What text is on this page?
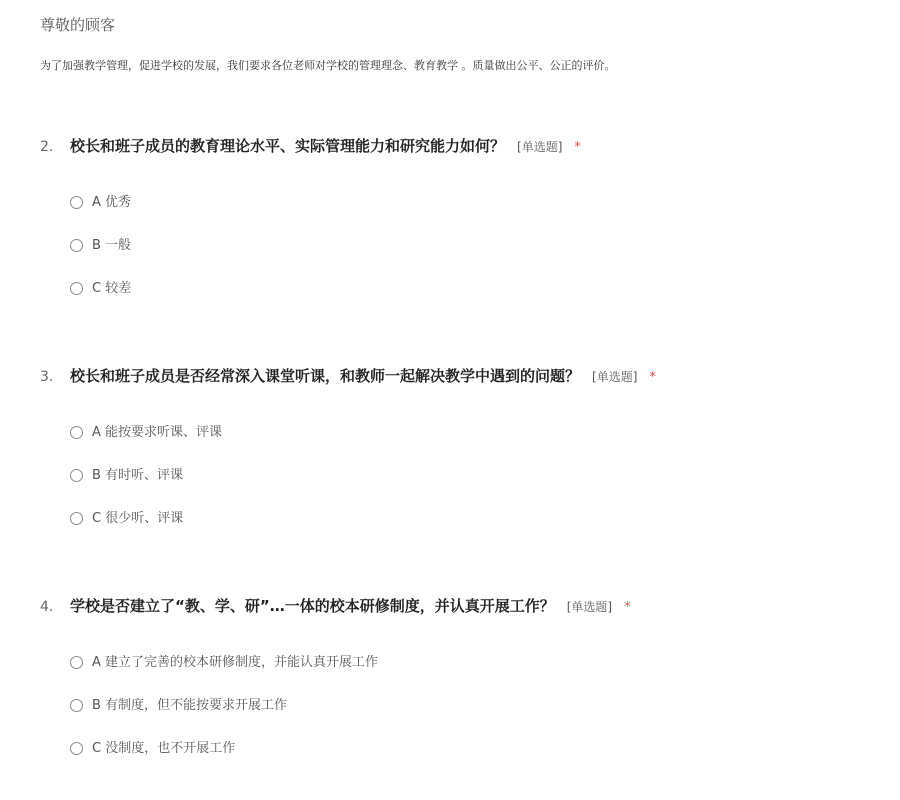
尊敬的顾客
为了加强教学管理，促进学校的发展，我们要求各位老师对学校的管理理念、教育教学 。质量做出公平、公正的评价。
2. 校长和班子成员的教育理论水平、实际管理能力和研究能力如何？ [单选题] *
A 优秀
B 一般
C 较差
3. 校长和班子成员是否经常深入课堂听课，和教师一起解决教学中遇到的问题？ [单选题] *
A 能按要求听课、评课
B 有时听、评课
C 很少听、评课
4. 学校是否建立了“教、学、研”…一体的校本研修制度，并认真开展工作？ [单选题] *
A 建立了完善的校本研修制度，并能认真开展工作
B 有制度，但不能按要求开展工作
C 没制度，也不开展工作
